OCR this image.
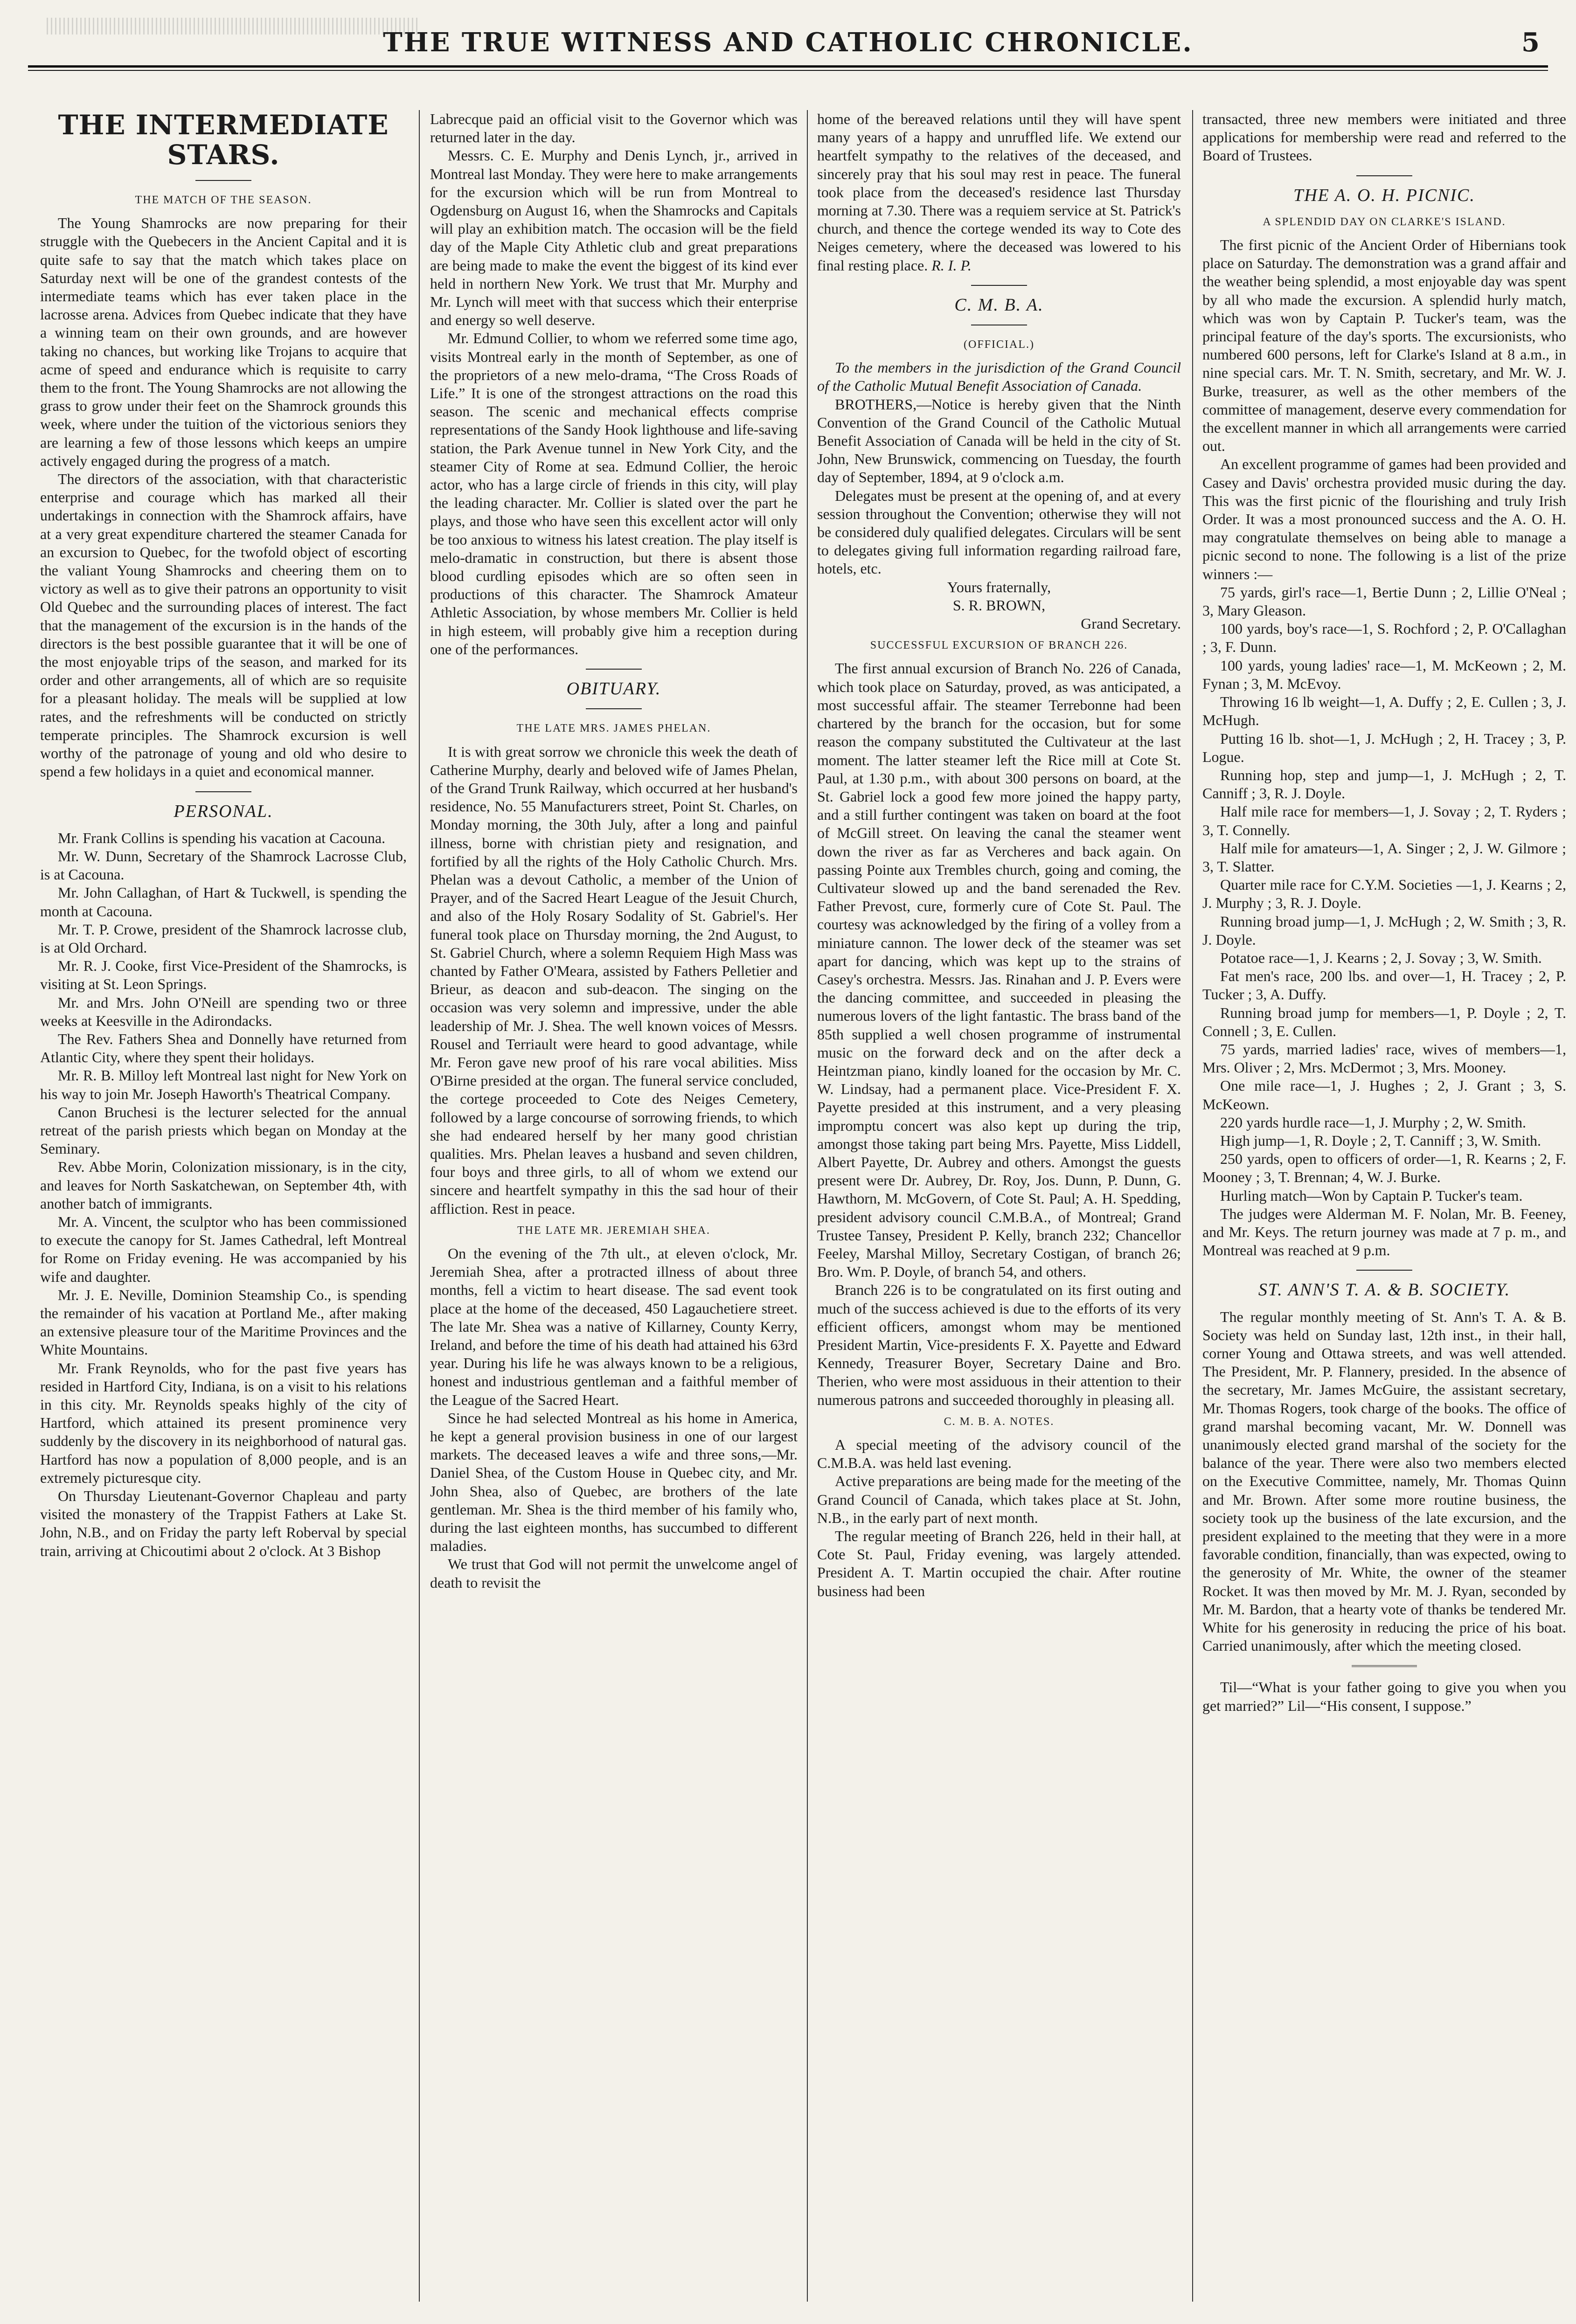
THE TRUE WITNESS AND CATHOLIC CHRONICLE.	5
THE INTERMEDIATE STARS.
THE MATCH OF THE SEASON.

The Young Shamrocks are now preparing for their struggle with the Quebecers in the Ancient Capital and it is quite safe to say that the match which takes place on Saturday next will be one of the grandest contests of the intermediate teams which has ever taken place in the lacrosse arena. Advices from Quebec indicate that they have a winning team on their own grounds, and are however taking no chances, but working like Trojans to acquire that acme of speed and endurance which is requisite to carry them to the front. The Young Shamrocks are not allowing the grass to grow under their feet on the Shamrock grounds this week, where under the tuition of the victorious seniors they are learning a few of those lessons which keeps an umpire actively engaged during the progress of a match.

The directors of the association, with that characteristic enterprise and courage which has marked all their undertakings in connection with the Shamrock affairs, have at a very great expenditure chartered the steamer Canada for an excursion to Quebec, for the twofold object of escorting the valiant Young Shamrocks and cheering them on to victory as well as to give their patrons an opportunity to visit Old Quebec and the surrounding places of interest. The fact that the management of the excursion is in the hands of the directors is the best possible guarantee that it will be one of the most enjoyable trips of the season, and marked for its order and other arrangements, all of which are so requisite for a pleasant holiday. The meals will be supplied at low rates, and the refreshments will be conducted on strictly temperate principles. The Shamrock excursion is well worthy of the patronage of young and old who desire to spend a few holidays in a quiet and economical manner.

PERSONAL.

Mr. Frank Collins is spending his vacation at Cacouna.

Mr. W. Dunn, Secretary of the Shamrock Lacrosse Club, is at Cacouna.

Mr. John Callaghan, of Hart & Tuckwell, is spending the month at Cacouna.

Mr. T. P. Crowe, president of the Shamrock lacrosse club, is at Old Orchard.

Mr. R. J. Cooke, first Vice-President of the Shamrocks, is visiting at St. Leon Springs.

Mr. and Mrs. John O'Neill are spending two or three weeks at Keesville in the Adirondacks.

The Rev. Fathers Shea and Donnelly have returned from Atlantic City, where they spent their holidays.

Mr. R. B. Milloy left Montreal last night for New York on his way to join Mr. Joseph Haworth's Theatrical Company.

Canon Bruchesi is the lecturer selected for the annual retreat of the parish priests which began on Monday at the Seminary.

Rev. Abbe Morin, Colonization missionary, is in the city, and leaves for North Saskatchewan, on September 4th, with another batch of immigrants.

Mr. A. Vincent, the sculptor who has been commissioned to execute the canopy for St. James Cathedral, left Montreal for Rome on Friday evening. He was accompanied by his wife and daughter.

Mr. J. E. Neville, Dominion Steamship Co., is spending the remainder of his vacation at Portland Me., after making an extensive pleasure tour of the Maritime Provinces and the White Mountains.

Mr. Frank Reynolds, who for the past five years has resided in Hartford City, Indiana, is on a visit to his relations in this city. Mr. Reynolds speaks highly of the city of Hartford, which attained its present prominence very suddenly by the discovery in its neighborhood of natural gas. Hartford has now a population of 8,000 people, and is an extremely picturesque city.

On Thursday Lieutenant-Governor Chapleau and party visited the monastery of the Trappist Fathers at Lake St. John, N.B., and on Friday the party left Roberval by special train, arriving at Chicoutimi about 2 o'clock. At 3 Bishop

Labrecque paid an official visit to the Governor which was returned later in the day.

Messrs. C. E. Murphy and Denis Lynch, jr., arrived in Montreal last Monday. They were here to make arrangements for the excursion which will be run from Montreal to Ogdensburg on August 16, when the Shamrocks and Capitals will play an exhibition match. The occasion will be the field day of the Maple City Athletic club and great preparations are being made to make the event the biggest of its kind ever held in northern New York. We trust that Mr. Murphy and Mr. Lynch will meet with that success which their enterprise and energy so well deserve.

Mr. Edmund Collier, to whom we referred some time ago, visits Montreal early in the month of September, as one of the proprietors of a new melo-drama, “The Cross Roads of Life.” It is one of the strongest attractions on the road this season. The scenic and mechanical effects comprise representations of the Sandy Hook lighthouse and life-saving station, the Park Avenue tunnel in New York City, and the steamer City of Rome at sea. Edmund Collier, the heroic actor, who has a large circle of friends in this city, will play the leading character. Mr. Collier is slated over the part he plays, and those who have seen this excellent actor will only be too anxious to witness his latest creation. The play itself is melo-dramatic in construction, but there is absent those blood curdling episodes which are so often seen in productions of this character. The Shamrock Amateur Athletic Association, by whose members Mr. Collier is held in high esteem, will probably give him a reception during one of the performances.

OBITUARY.
THE LATE MRS. JAMES PHELAN.

It is with great sorrow we chronicle this week the death of Catherine Murphy, dearly and beloved wife of James Phelan, of the Grand Trunk Railway, which occurred at her husband's residence, No. 55 Manufacturers street, Point St. Charles, on Monday morning, the 30th July, after a long and painful illness, borne with christian piety and resignation, and fortified by all the rights of the Holy Catholic Church. Mrs. Phelan was a devout Catholic, a member of the Union of Prayer, and of the Sacred Heart League of the Jesuit Church, and also of the Holy Rosary Sodality of St. Gabriel's. Her funeral took place on Thursday morning, the 2nd August, to St. Gabriel Church, where a solemn Requiem High Mass was chanted by Father O'Meara, assisted by Fathers Pelletier and Brieur, as deacon and sub-deacon. The singing on the occasion was very solemn and impressive, under the able leadership of Mr. J. Shea. The well known voices of Messrs. Rousel and Terriault were heard to good advantage, while Mr. Feron gave new proof of his rare vocal abilities. Miss O'Birne presided at the organ. The funeral service concluded, the cortege proceeded to Cote des Neiges Cemetery, followed by a large concourse of sorrowing friends, to which she had endeared herself by her many good christian qualities. Mrs. Phelan leaves a husband and seven children, four boys and three girls, to all of whom we extend our sincere and heartfelt sympathy in this the sad hour of their affliction. Rest in peace.

THE LATE MR. JEREMIAH SHEA.

On the evening of the 7th ult., at eleven o'clock, Mr. Jeremiah Shea, after a protracted illness of about three months, fell a victim to heart disease. The sad event took place at the home of the deceased, 450 Lagauchetiere street. The late Mr. Shea was a native of Killarney, County Kerry, Ireland, and before the time of his death had attained his 63rd year. During his life he was always known to be a religious, honest and industrious gentleman and a faithful member of the League of the Sacred Heart.

Since he had selected Montreal as his home in America, he kept a general provision business in one of our largest markets. The deceased leaves a wife and three sons,—Mr. Daniel Shea, of the Custom House in Quebec city, and Mr. John Shea, also of Quebec, are brothers of the late gentleman. Mr. Shea is the third member of his family who, during the last eighteen months, has succumbed to different maladies.

We trust that God will not permit the unwelcome angel of death to revisit the

home of the bereaved relations until they will have spent many years of a happy and unruffled life. We extend our heartfelt sympathy to the relatives of the deceased, and sincerely pray that his soul may rest in peace. The funeral took place from the deceased's residence last Thursday morning at 7.30. There was a requiem service at St. Patrick's church, and thence the cortege wended its way to Cote des Neiges cemetery, where the deceased was lowered to his final resting place. R. I. P.

C. M. B. A.
(OFFICIAL.)

To the members in the jurisdiction of the Grand Council of the Catholic Mutual Benefit Association of Canada.

BROTHERS,—Notice is hereby given that the Ninth Convention of the Grand Council of the Catholic Mutual Benefit Association of Canada will be held in the city of St. John, New Brunswick, commencing on Tuesday, the fourth day of September, 1894, at 9 o'clock a.m.

Delegates must be present at the opening of, and at every session throughout the Convention; otherwise they will not be considered duly qualified delegates. Circulars will be sent to delegates giving full information regarding railroad fare, hotels, etc.

Yours fraternally,

S. R. BROWN,

Grand Secretary.

SUCCESSFUL EXCURSION OF BRANCH 226.

The first annual excursion of Branch No. 226 of Canada, which took place on Saturday, proved, as was anticipated, a most successful affair. The steamer Terrebonne had been chartered by the branch for the occasion, but for some reason the company substituted the Cultivateur at the last moment. The latter steamer left the Rice mill at Cote St. Paul, at 1.30 p.m., with about 300 persons on board, at the St. Gabriel lock a good few more joined the happy party, and a still further contingent was taken on board at the foot of McGill street. On leaving the canal the steamer went down the river as far as Vercheres and back again. On passing Pointe aux Trembles church, going and coming, the Cultivateur slowed up and the band serenaded the Rev. Father Prevost, cure, formerly cure of Cote St. Paul. The courtesy was acknowledged by the firing of a volley from a miniature cannon. The lower deck of the steamer was set apart for dancing, which was kept up to the strains of Casey's orchestra. Messrs. Jas. Rinahan and J. P. Evers were the dancing committee, and succeeded in pleasing the numerous lovers of the light fantastic. The brass band of the 85th supplied a well chosen programme of instrumental music on the forward deck and on the after deck a Heintzman piano, kindly loaned for the occasion by Mr. C. W. Lindsay, had a permanent place. Vice-President F. X. Payette presided at this instrument, and a very pleasing impromptu concert was also kept up during the trip, amongst those taking part being Mrs. Payette, Miss Liddell, Albert Payette, Dr. Aubrey and others. Amongst the guests present were Dr. Aubrey, Dr. Roy, Jos. Dunn, P. Dunn, G. Hawthorn, M. McGovern, of Cote St. Paul; A. H. Spedding, president advisory council C.M.B.A., of Montreal; Grand Trustee Tansey, President P. Kelly, branch 232; Chancellor Feeley, Marshal Milloy, Secretary Costigan, of branch 26; Bro. Wm. P. Doyle, of branch 54, and others.

Branch 226 is to be congratulated on its first outing and much of the success achieved is due to the efforts of its very efficient officers, amongst whom may be mentioned President Martin, Vice-presidents F. X. Payette and Edward Kennedy, Treasurer Boyer, Secretary Daine and Bro. Therien, who were most assiduous in their attention to their numerous patrons and succeeded thoroughly in pleasing all.

C. M. B. A. NOTES.

A special meeting of the advisory council of the C.M.B.A. was held last evening.

Active preparations are being made for the meeting of the Grand Council of Canada, which takes place at St. John, N.B., in the early part of next month.

The regular meeting of Branch 226, held in their hall, at Cote St. Paul, Friday evening, was largely attended. President A. T. Martin occupied the chair. After routine business had been

transacted, three new members were initiated and three applications for membership were read and referred to the Board of Trustees.

THE A. O. H. PICNIC.
A SPLENDID DAY ON CLARKE'S ISLAND.

The first picnic of the Ancient Order of Hibernians took place on Saturday. The demonstration was a grand affair and the weather being splendid, a most enjoyable day was spent by all who made the excursion. A splendid hurly match, which was won by Captain P. Tucker's team, was the principal feature of the day's sports. The excursionists, who numbered 600 persons, left for Clarke's Island at 8 a.m., in nine special cars. Mr. T. N. Smith, secretary, and Mr. W. J. Burke, treasurer, as well as the other members of the committee of management, deserve every commendation for the excellent manner in which all arrangements were carried out.

An excellent programme of games had been provided and Casey and Davis' orchestra provided music during the day. This was the first picnic of the flourishing and truly Irish Order. It was a most pronounced success and the A. O. H. may congratulate themselves on being able to manage a picnic second to none. The following is a list of the prize winners :—

75 yards, girl's race—1, Bertie Dunn ; 2, Lillie O'Neal ; 3, Mary Gleason.

100 yards, boy's race—1, S. Rochford ; 2, P. O'Callaghan ; 3, F. Dunn.

100 yards, young ladies' race—1, M. McKeown ; 2, M. Fynan ; 3, M. McEvoy.

Throwing 16 lb weight—1, A. Duffy ; 2, E. Cullen ; 3, J. McHugh.

Putting 16 lb. shot—1, J. McHugh ; 2, H. Tracey ; 3, P. Logue.

Running hop, step and jump—1, J. McHugh ; 2, T. Canniff ; 3, R. J. Doyle.

Half mile race for members—1, J. Sovay ; 2, T. Ryders ; 3, T. Connelly.

Half mile for amateurs—1, A. Singer ; 2, J. W. Gilmore ; 3, T. Slatter.

Quarter mile race for C.Y.M. Societies —1, J. Kearns ; 2, J. Murphy ; 3, R. J. Doyle.

Running broad jump—1, J. McHugh ; 2, W. Smith ; 3, R. J. Doyle.

Potatoe race—1, J. Kearns ; 2, J. Sovay ; 3, W. Smith.

Fat men's race, 200 lbs. and over—1, H. Tracey ; 2, P. Tucker ; 3, A. Duffy.

Running broad jump for members—1, P. Doyle ; 2, T. Connell ; 3, E. Cullen.

75 yards, married ladies' race, wives of members—1, Mrs. Oliver ; 2, Mrs. McDermot ; 3, Mrs. Mooney.

One mile race—1, J. Hughes ; 2, J. Grant ; 3, S. McKeown.

220 yards hurdle race—1, J. Murphy ; 2, W. Smith.

High jump—1, R. Doyle ; 2, T. Canniff ; 3, W. Smith.

250 yards, open to officers of order—1, R. Kearns ; 2, F. Mooney ; 3, T. Brennan; 4, W. J. Burke.

Hurling match—Won by Captain P. Tucker's team.

The judges were Alderman M. F. Nolan, Mr. B. Feeney, and Mr. Keys. The return journey was made at 7 p. m., and Montreal was reached at 9 p.m.

ST. ANN'S T. A. & B. SOCIETY.

The regular monthly meeting of St. Ann's T. A. & B. Society was held on Sunday last, 12th inst., in their hall, corner Young and Ottawa streets, and was well attended. The President, Mr. P. Flannery, presided. In the absence of the secretary, Mr. James McGuire, the assistant secretary, Mr. Thomas Rogers, took charge of the books. The office of grand marshal becoming vacant, Mr. W. Donnell was unanimously elected grand marshal of the society for the balance of the year. There were also two members elected on the Executive Committee, namely, Mr. Thomas Quinn and Mr. Brown. After some more routine business, the society took up the business of the late excursion, and the president explained to the meeting that they were in a more favorable condition, financially, than was expected, owing to the generosity of Mr. White, the owner of the steamer Rocket. It was then moved by Mr. M. J. Ryan, seconded by Mr. M. Bardon, that a hearty vote of thanks be tendered Mr. White for his generosity in reducing the price of his boat. Carried unanimously, after which the meeting closed.

Til—“What is your father going to give you when you get married?” Lil—“His consent, I suppose.”
